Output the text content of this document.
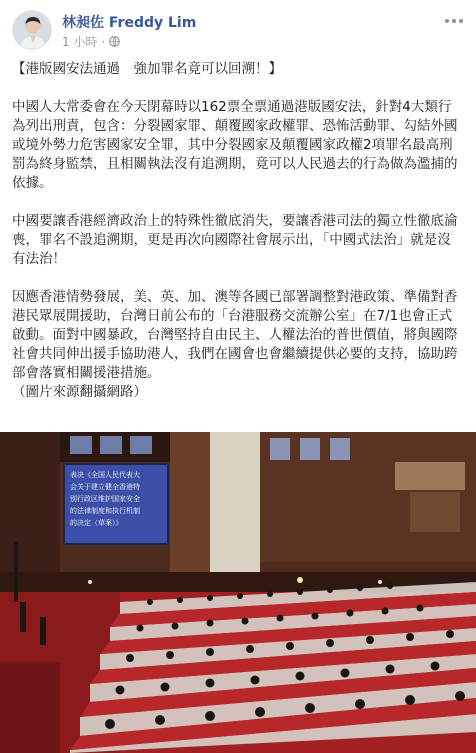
林昶佐 Freddy Lim
1 小時 ·

【港版國安法通過　強加罪名竟可以回溯！】

中國人大常委會在今天閉幕時以162票全票通過港版國安法，針對4大類行為列出刑責，包含：分裂國家罪、顛覆國家政權罪、恐怖活動罪、勾結外國或境外勢力危害國家安全罪，其中分裂國家及顛覆國家政權2項罪名最高刑罰為終身監禁，且相關執法沒有追溯期，竟可以人民過去的行為做為濫捕的依據。

中國要讓香港經濟政治上的特殊性徹底消失，要讓香港司法的獨立性徹底淪喪，罪名不設追溯期，更是再次向國際社會展示出，「中國式法治」就是沒有法治！

因應香港情勢發展，美、英、加、澳等各國已部署調整對港政策、準備對香港民眾展開援助，台灣日前公布的「台港服務交流辦公室」在7/1也會正式啟動。面對中國暴政，台灣堅持自由民主、人權法治的普世價值，將與國際社會共同伸出援手協助港人，我們在國會也會繼續提供必要的支持，協助跨部會落實相關援港措施。

（圖片來源翻攝網路）

表决《全国人民代表大
会关于建立健全香港特
别行政区维护国家安全
的法律制度和执行机制
的决定（草案）》
